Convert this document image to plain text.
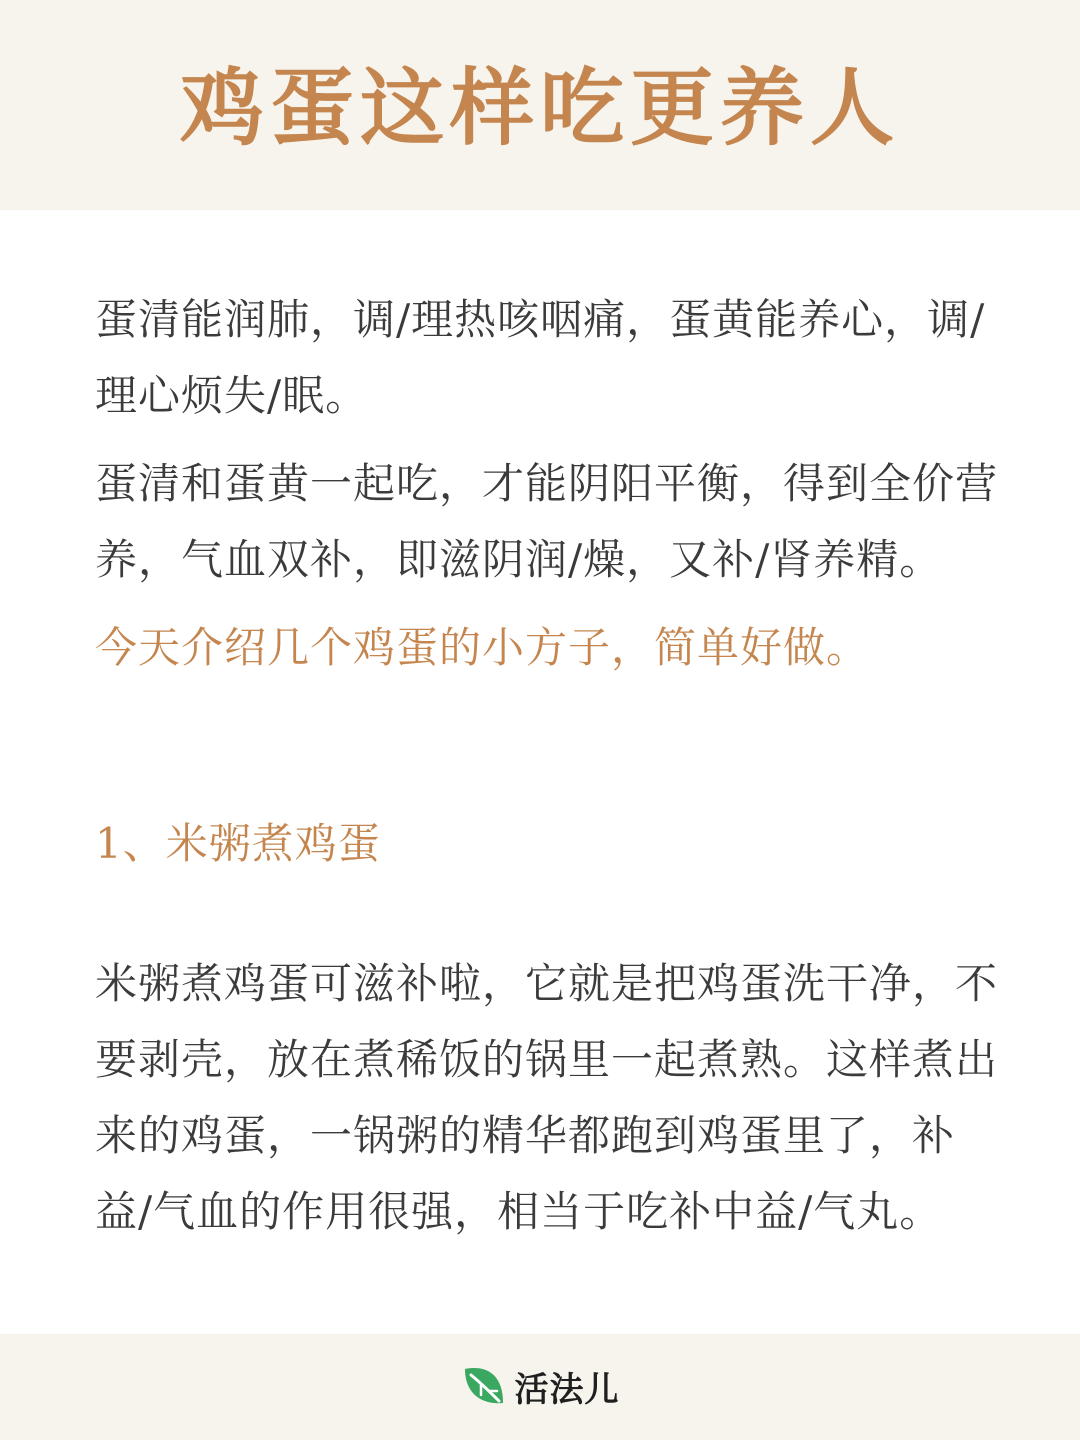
鸡蛋这样吃更养人

蛋清能润肺，调/理热咳咽痛，蛋黄能养心，调/理心烦失/眠。

蛋清和蛋黄一起吃，才能阴阳平衡，得到全价营养，气血双补，即滋阴润/燥，又补/肾养精。

今天介绍几个鸡蛋的小方子，简单好做。

1、米粥煮鸡蛋

米粥煮鸡蛋可滋补啦，它就是把鸡蛋洗干净，不要剥壳，放在煮稀饭的锅里一起煮熟。这样煮出来的鸡蛋，一锅粥的精华都跑到鸡蛋里了，补益/气血的作用很强，相当于吃补中益/气丸。

活法儿
